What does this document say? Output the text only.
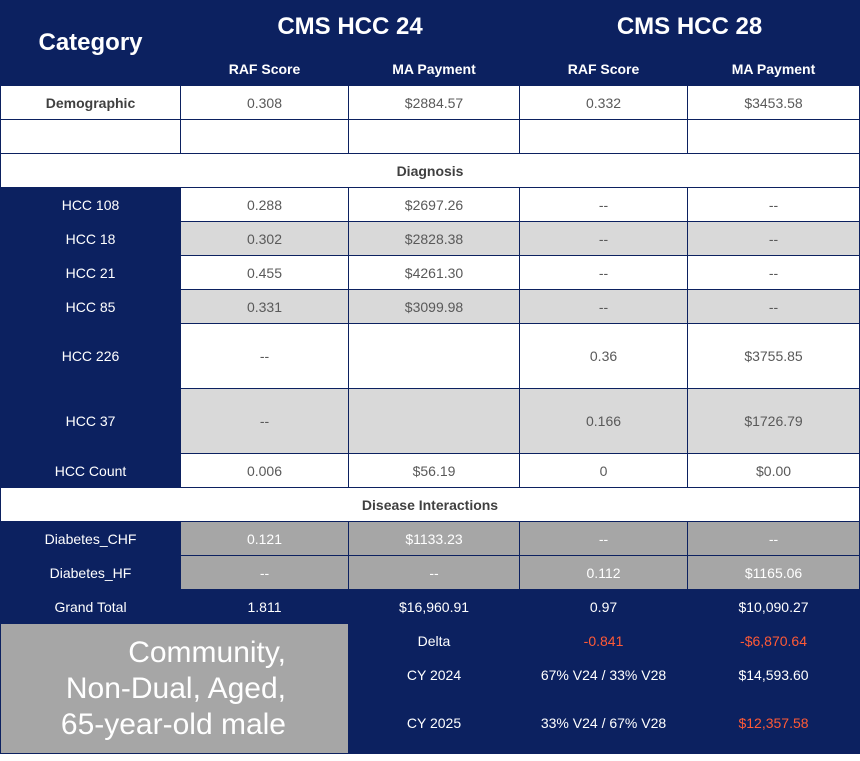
Category	CMS HCC 24		CMS HCC 28	
	RAF Score	MA Payment	RAF Score	MA Payment
Demographic	0.308	$2884.57	0.332	$3453.58

Diagnosis				
HCC 108	0.288	$2697.26	--	--
HCC 18	0.302	$2828.38	--	--
HCC 21	0.455	$4261.30	--	--
HCC 85	0.331	$3099.98	--	--
HCC 226	--		0.36	$3755.85
HCC 37	--		0.166	$1726.79
HCC Count	0.006	$56.19	0	$0.00
Disease Interactions				
Diabetes_CHF	0.121	$1133.23	--	--
Diabetes_HF	--	--	0.112	$1165.06
Grand Total	1.811	$16,960.91	0.97	$10,090.27

Community,
Non-Dual, Aged,
65-year-old male		Delta	-0.841	-$6,870.64
		CY 2024	67% V24 / 33% V28	$14,593.60
		CY 2025	33% V24 / 67% V28	$12,357.58
